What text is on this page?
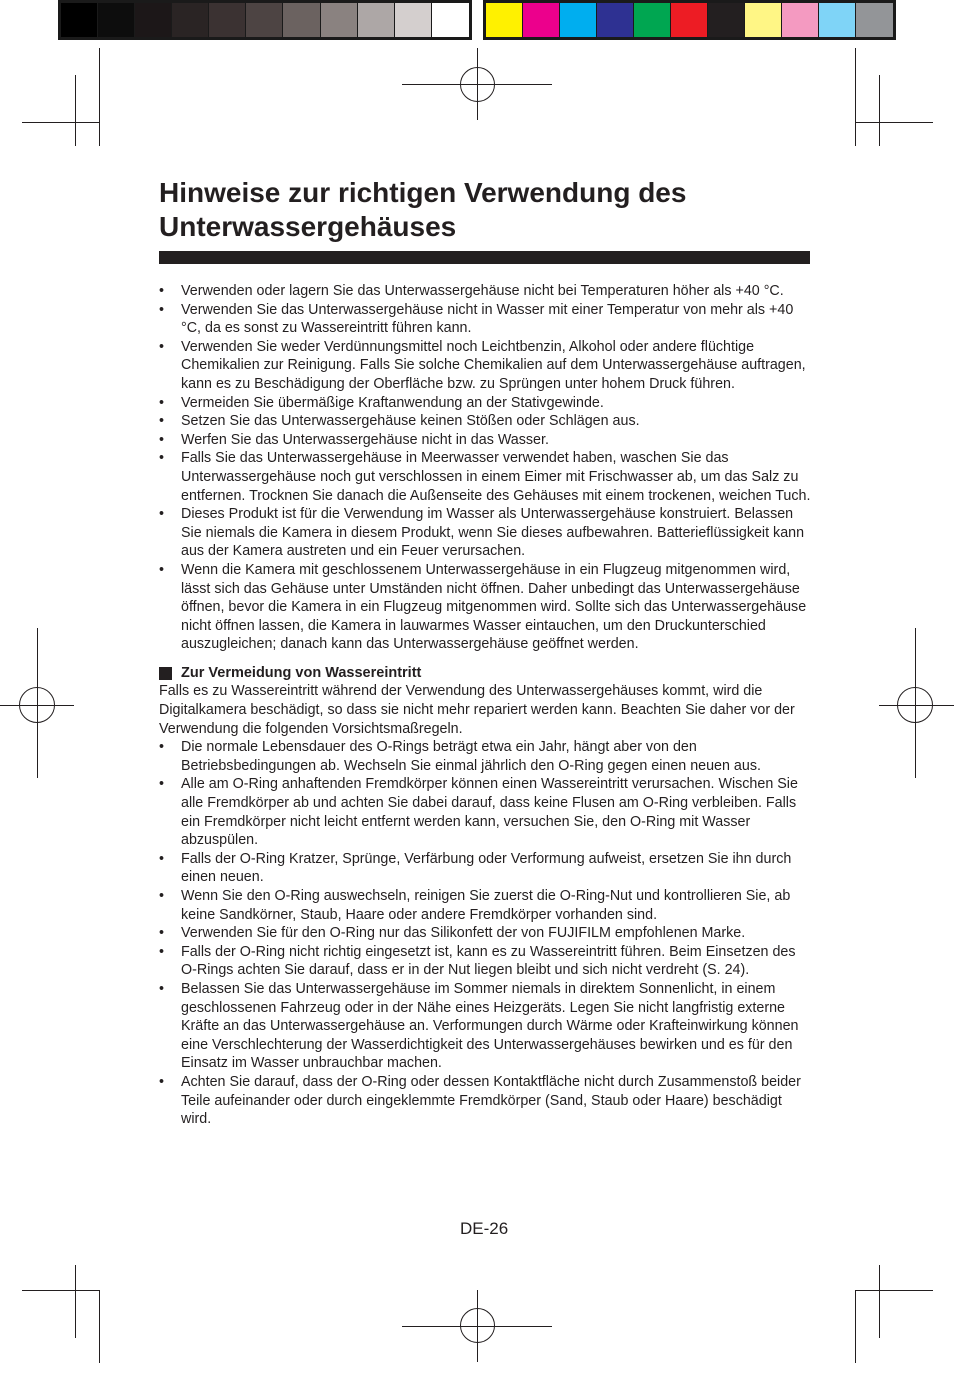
Hinweise zur richtigen Verwendung des Unterwassergehäuses
•	Verwenden oder lagern Sie das Unterwassergehäuse nicht bei Temperaturen höher als +40 °C.
•	Verwenden Sie das Unterwassergehäuse nicht in Wasser mit einer Temperatur von mehr als +40 °C, da es sonst zu Wassereintritt führen kann.
•	Verwenden Sie weder Verdünnungsmittel noch Leichtbenzin, Alkohol oder andere flüchtige Chemikalien zur Reinigung. Falls Sie solche Chemikalien auf dem Unterwassergehäuse auftragen, kann es zu Beschädigung der Oberfläche bzw. zu Sprüngen unter hohem Druck führen.
•	Vermeiden Sie übermäßige Kraftanwendung an der Stativgewinde.
•	Setzen Sie das Unterwassergehäuse keinen Stößen oder Schlägen aus.
•	Werfen Sie das Unterwassergehäuse nicht in das Wasser.
•	Falls Sie das Unterwassergehäuse in Meerwasser verwendet haben, waschen Sie das Unterwassergehäuse noch gut verschlossen in einem Eimer mit Frischwasser ab, um das Salz zu entfernen. Trocknen Sie danach die Außenseite des Gehäuses mit einem trockenen, weichen Tuch.
•	Dieses Produkt ist für die Verwendung im Wasser als Unterwassergehäuse konstruiert. Belassen Sie niemals die Kamera in diesem Produkt, wenn Sie dieses aufbewahren. Batterieflüssigkeit kann aus der Kamera austreten und ein Feuer verursachen.
•	Wenn die Kamera mit geschlossenem Unterwassergehäuse in ein Flugzeug mitgenommen wird, lässt sich das Gehäuse unter Umständen nicht öffnen. Daher unbedingt das Unterwassergehäuse öffnen, bevor die Kamera in ein Flugzeug mitgenommen wird. Sollte sich das Unterwassergehäuse nicht öffnen lassen, die Kamera in lauwarmes Wasser eintauchen, um den Druckunterschied auszugleichen; danach kann das Unterwassergehäuse geöffnet werden.
Zur Vermeidung von Wassereintritt

Falls es zu Wassereintritt während der Verwendung des Unterwassergehäuses kommt, wird die Digitalkamera beschädigt, so dass sie nicht mehr repariert werden kann. Beachten Sie daher vor der Verwendung die folgenden Vorsichtsmaßregeln.

•	Die normale Lebensdauer des O-Rings beträgt etwa ein Jahr, hängt aber von den Betriebsbedingungen ab. Wechseln Sie einmal jährlich den O-Ring gegen einen neuen aus.
•	Alle am O-Ring anhaftenden Fremdkörper können einen Wassereintritt verursachen. Wischen Sie alle Fremdkörper ab und achten Sie dabei darauf, dass keine Flusen am O-Ring verbleiben. Falls ein Fremdkörper nicht leicht entfernt werden kann, versuchen Sie, den O-Ring mit Wasser abzuspülen.
•	Falls der O-Ring Kratzer, Sprünge, Verfärbung oder Verformung aufweist, ersetzen Sie ihn durch einen neuen.
•	Wenn Sie den O-Ring auswechseln, reinigen Sie zuerst die O-Ring-Nut und kontrollieren Sie, ab keine Sandkörner, Staub, Haare oder andere Fremdkörper vorhanden sind.
•	Verwenden Sie für den O-Ring nur das Silikonfett der von FUJIFILM empfohlenen Marke.
•	Falls der O-Ring nicht richtig eingesetzt ist, kann es zu Wassereintritt führen. Beim Einsetzen des O-Rings achten Sie darauf, dass er in der Nut liegen bleibt und sich nicht verdreht (S. 24).
•	Belassen Sie das Unterwassergehäuse im Sommer niemals in direktem Sonnenlicht, in einem geschlossenen Fahrzeug oder in der Nähe eines Heizgeräts. Legen Sie nicht langfristig externe Kräfte an das Unterwassergehäuse an. Verformungen durch Wärme oder Krafteinwirkung können eine Verschlechterung der Wasserdichtigkeit des Unterwassergehäuses bewirken und es für den Einsatz im Wasser unbrauchbar machen.
•	Achten Sie darauf, dass der O-Ring oder dessen Kontaktfläche nicht durch Zusammenstoß beider Teile aufeinander oder durch eingeklemmte Fremdkörper (Sand, Staub oder Haare) beschädigt wird.
DE-26
